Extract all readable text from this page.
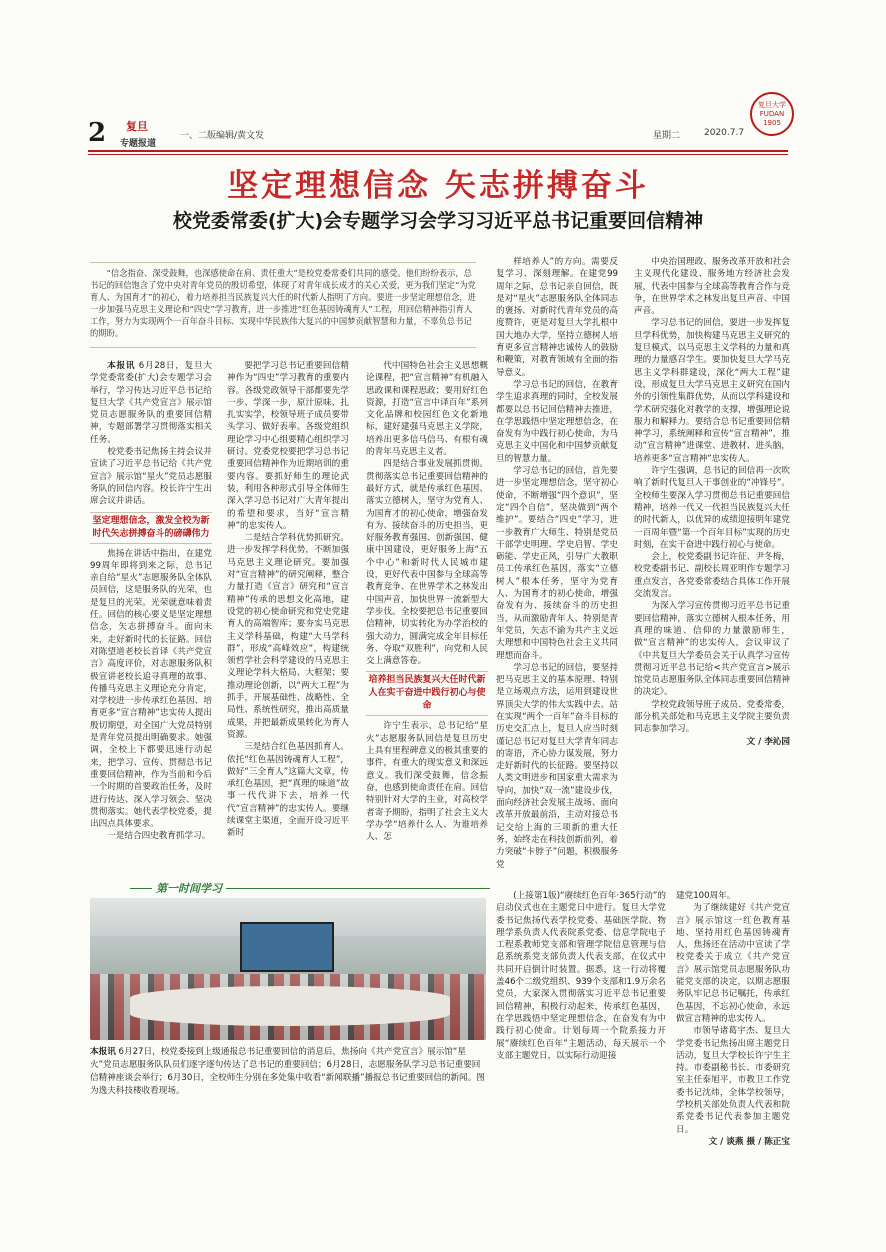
2 复旦
专题报道
一、二版编辑/黄文发	星期二	2020.7.7
复旦大学 FUDAN 1905
坚定理想信念 矢志拼搏奋斗
校党委常委(扩大)会专题学习会学习习近平总书记重要回信精神
“信念指奋、深受鼓舞，也深感使命在肩、责任重大”是校党委常委们共同的感受。他们纷纷表示，总书记的回信饱含了党中央对青年党员的殷切希望，体现了对青年成长成才的关心关爱，更为我们坚定“为党育人、为国育才”的初心，着力培养担当民族复兴大任的时代新人指明了方向。要进一步坚定理想信念，进一步加强马克思主义理论和“四史”学习教育，进一步推进“红色基因铸魂育人”工程，用回信精神指引育人工作，努力为实现两个一百年奋斗目标、实现中华民族伟大复兴的中国梦贡献智慧和力量，不辜负总书记的期盼。

本报讯 6月28日，复旦大学党委常委(扩大)会专题学习会举行，学习传达习近平总书记给复旦大学《共产党宣言》展示馆党员志愿服务队的重要回信精神，专题部署学习贯彻落实相关任务。

校党委书记焦扬主持会议并宣读了习近平总书记给《共产党宣言》展示馆“星火”党员志愿服务队的回信内容。校长许宁生出席会议并讲话。

坚定理想信念，激发全校为新时代矢志拼搏奋斗的磅礴伟力

焦扬在讲话中指出，在建党99周年即将到来之际，总书记亲自给“星火”志愿服务队全体队员回信，这是服务队的光荣，也是复旦的光荣。光荣就意味着责任。回信的核心要义是坚定理想信念，矢志拼搏奋斗。面向未来，走好新时代的长征路。回信对陈望道老校长首译《共产党宣言》高度评价，对志愿服务队积极宣讲老校长追寻真理的故事、传播马克思主义理论充分肯定，对学校进一步传承红色基因、培育更多“宣言精神”忠实传人提出殷切期望，对全国广大党员特别是青年党员提出明确要求。她强调，全校上下都要迅速行动起来，把学习、宣传、贯彻总书记重要回信精神，作为当前和今后一个时期的首要政治任务，及时进行传达、深入学习领会、坚决贯彻落实。她代表学校党委，提出四点具体要求。

一是结合四史教育抓学习。

要把学习总书记重要回信精神作为“四史”学习教育的重要内容。各级党政领导干部都要先学一步、学深一步，原汁原味、扎扎实实学，校领导班子成员要带头学习、做好表率。各级党组织理论学习中心组要精心组织学习研讨。党委党校要把学习总书记重要回信精神作为近期培训的重要内容。要抓好师生的理论武装，利用各种形式引导全体师生深入学习总书记对广大青年提出的希望和要求，当好“宣言精神”的忠实传人。

二是结合学科优势抓研究。进一步发挥学科优势，不断加强马克思主义理论研究。要加强对“宣言精神”的研究阐释，整合力量打造《宣言》研究和“宣言精神”传承的思想文化高地，建设党的初心使命研究和党史党建育人的高端智库；要夯实马克思主义学科基础，构建“大马学科群”，形成“高峰效应”，构建统领哲学社会科学建设的马克思主义理论学科大格局、大框架；要推动理论创新，以“两大工程”为抓手，开展基础性、战略性、全局性、系统性研究，推出高质量成果，并把最新成果转化为育人资源。

三是结合红色基因抓育人。依托“红色基因铸魂育人工程”，做好“三全育人”这篇大文章，传承红色基因，把“真理的味道”故事一代代讲下去，培养一代代“宣言精神”的忠实传人。要继续课堂主渠道，全面开设习近平新时

代中国特色社会主义思想概论课程，把“宣言精神”有机融入思政课和课程思政；要用好红色资源，打造“宣言中译百年”系列文化品牌和校园红色文化新地标，建好建强马克思主义学院，培养出更多信马信马、有根有魂的青年马克思主义者。

四是结合事业发展抓贯彻。贯彻落实总书记重要回信精神的最好方式，就是传承红色基因、落实立德树人，坚守为党育人、为国育才的初心使命，增强奋发有为、接续奋斗的历史担当，更好服务教育强国、创新强国、健康中国建设，更好服务上海“五个中心”和新时代人民城市建设，更好代表中国参与全球高等教育竞争、在世界学术之林发出中国声音，加快世界一流新型大学步伐。全校要把总书记重要回信精神，切实转化为办学治校的强大动力，圆满完成全年目标任务、夺取“双胜利”，向党和人民交上满意答卷。

培养担当民族复兴大任时代新人在实干奋进中践行初心与使命

许宁生表示，总书记给“星火”志愿服务队回信是复旦历史上具有里程碑意义的极其重要的事件，有重大的现实意义和深远意义。我们深受鼓舞，信念振奋，也感到使命责任在肩。回信特别针对大学的主业，对高校学者寄予期盼，指明了社会主义大学办学“培养什么人、为谁培养人、怎

样培养人”的方向。需要反复学习、深刻理解。在建党99周年之际，总书记亲自回信，既是对“星火”志愿服务队全体同志的褒扬、对新时代青年党员的高度赞许，更是对复旦大学扎根中国大地办大学，坚持立德树人培育更多宣言精神忠诚传人的鼓励和鞭策，对教育领域有全面的指导意义。

学习总书记的回信，在教育学生追求真理的同时，全校发展都要以总书记回信精神去推进，在学思践悟中坚定理想信念，在奋发有为中践行初心使命，为马克思主义中国化和中国梦贡献复旦的智慧力量。

学习总书记的回信，首先要进一步坚定理想信念，坚守初心使命，不断增强“四个意识”，坚定“四个自信”，坚决做到“两个维护”。要结合“四史”学习，进一步教育广大师生、特别是党员干部学史明理、学史启智、学史砺能、学史正风，引导广大教职员工传承红色基因，落实“立德树人”根本任务，坚守为党育人、为国育才的初心使命，增强奋发有为、接续奋斗的历史担当，从而激励青年人、特别是青年党员，矢志不渝为共产主义远大理想和中国特色社会主义共同理想而奋斗。

学习总书记的回信，要坚持把马克思主义的基本原理、特别是立场观点方法，运用到建设世界顶尖大学的伟大实践中去。站在实现“两个一百年”奋斗目标的历史交汇点上，复旦人应当时刻谨记总书记对复旦大学青年同志的寄语，齐心协力谋发展，努力走好新时代的长征路。要坚持以人类文明进步和国家重大需求为导向，加快“双一流”建设步伐，面向经济社会发展主战场、面向改革开放最前沿，主动对接总书记交给上海的三项新的重大任务，始终走在科技创新前列，着力突破“卡脖子”问题，积极服务党

中央治国理政、服务改革开放和社会主义现代化建设、服务地方经济社会发展，代表中国参与全球高等教育合作与竞争，在世界学术之林发出复旦声音、中国声音。

学习总书记的回信，要进一步发挥复旦学科优势，加快构建马克思主义研究的复旦模式，以马克思主义学科的力量和真理的力量感召学生。要加快复旦大学马克思主义学科群建设，深化“两大工程”建设，形成复旦大学马克思主义研究在国内外的引领性集群优势，从而以学科建设和学术研究强化对教学的支撑，增强理论说服力和解释力。要结合总书记重要回信精神学习，系统阐释和宣传“宣言精神”，推动“宣言精神”进课堂、进教材、进头脑，培养更多“宣言精神”忠实传人。

许宁生强调，总书记的回信再一次吹响了新时代复旦人干事创业的“冲锋号”。全校师生要深入学习贯彻总书记重要回信精神，培养一代又一代担当民族复兴大任的时代新人，以优异的成绩迎接明年建党一百周年暨“第一个百年目标”实现的历史时刻，在实干奋进中践行初心与使命。

会上，校党委副书记许征、尹冬梅，校党委副书记、副校长周亚明作专题学习重点发言，各党委常委结合具体工作开展交流发言。

为深入学习宣传贯彻习近平总书记重要回信精神，落实立德树人根本任务，用真理的味道、信仰的力量激励师生，做“宣言精神”的忠实传人，会议审议了《中共复旦大学委员会关于认真学习宣传贯彻习近平总书记给<共产党宣言>展示馆党员志愿服务队全体同志重要回信精神的决定》。

学校党政领导班子成员、党委常委，部分机关部处和马克思主义学院主要负责同志参加学习。

文 / 李沁园
第一时间学习
本报讯 6月27日，校党委接到上级通报总书记重要回信的消息后，焦扬向《共产党宣言》展示馆“星火”党员志愿服务队队员们逐字逐句传达了总书记的重要回信；6月28日，志愿服务队学习总书记重要回信精神座谈会举行；6月30日，全校师生分别在多处集中收看“新闻联播”播报总书记重要回信的新闻。图为逸夫科技楼收看现场。

(上接第1版)“赓续红色百年·365行动”的启动仪式也在主题党日中进行。复旦大学党委书记焦扬代表学校党委、基础医学院、物理学系负责人代表院系党委、信息学院电子工程系教师党支部和管理学院信息管理与信息系统系党支部负责人代表支部，在仪式中共同开启倒计时装置。据悉，这一行动将覆盖46个二级党组织、939个支部和1.9万余名党员，大家深入贯彻落实习近平总书记重要回信精神，积极行动起来，传承红色基因，在学思践悟中坚定理想信念，在奋发有为中践行初心使命。计划每周一个院系接力开展“赓续红色百年”主题活动，每天展示一个支部主题党日，以实际行动迎接

建党100周年。

为了继续建好《共产党宣言》展示馆这一红色教育基地、坚持用红色基因铸魂育人，焦扬还在活动中宣读了学校党委关于成立《共产党宣言》展示馆党员志愿服务队功能党支部的决定，以期志愿服务队牢记总书记嘱托，传承红色基因，不忘初心使命，永远做宣言精神的忠实传人。

市领导诸葛宇杰、复旦大学党委书记焦扬出席主题党日活动，复旦大学校长许宁生主持。市委副秘书长、市委研究室主任泰旭平，市教卫工作党委书记沈炜，全体学校领导，学校机关部处负责人代表和院系党委书记代表参加主题党日。

文 / 谈燕 摄 / 陈正宝
